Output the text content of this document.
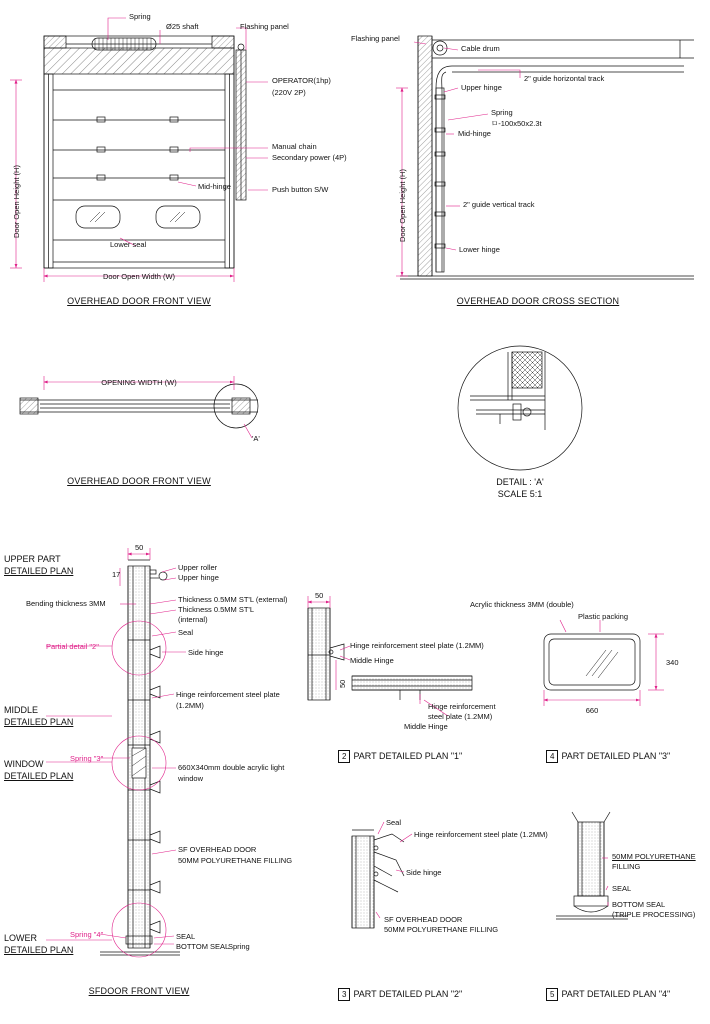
Spring
Ø25 shaft	Flashing panel
OPERATOR(1hp)
(220V 2P)
Manual chain
Secondary power (4P)
Push button S/W
Mid-hinge
Lower seal
Door Open Height (H)
Door Open Width (W)
OVERHEAD DOOR FRONT VIEW
Flashing panel
Cable drum
2" guide horizontal track
Upper hinge
Spring
ㅁ-100x50x2.3t
Mid-hinge
2" guide vertical track
Lower hinge
Door Open Height (H)
OVERHEAD DOOR CROSS SECTION
OPENING WIDTH (W)
'A'
OVERHEAD DOOR FRONT VIEW	DETAIL : 'A'
SCALE 5:1
UPPER PART
DETAILED PLAN
MIDDLE
DETAILED PLAN
WINDOW
DETAILED PLAN
LOWER
DETAILED PLAN
50
17
Upper roller
Upper hinge
Bending thickness 3MM	Thickness 0.5MM ST'L (external)
Thickness 0.5MM ST'L
(internal)
Seal
Side hinge
Partial detail "2"
Hinge reinforcement steel plate
(1.2MM)
Spring "3"
660X340mm double acrylic light
window
SF OVERHEAD DOOR
50MM POLYURETHANE FILLING
Spring "4"	SEAL
BOTTOM SEAL
Spring
SFDOOR FRONT VIEW
50
50
Hinge reinforcement steel plate (1.2MM)
Middle Hinge
Hinge reinforcement
steel plate (1.2MM)
Middle Hinge
2 PART DETAILED PLAN "1"
Acrylic thickness 3MM (double)
Plastic packing
660
340
4 PART DETAILED PLAN "3"
Seal
Hinge reinforcement steel plate (1.2MM)
Side hinge
SF OVERHEAD DOOR
50MM POLYURETHANE FILLING
3 PART DETAILED PLAN "2"
50MM POLYURETHANE
FILLING
SEAL
BOTTOM SEAL
(TRIPLE PROCESSING)
5 PART DETAILED PLAN "4"
